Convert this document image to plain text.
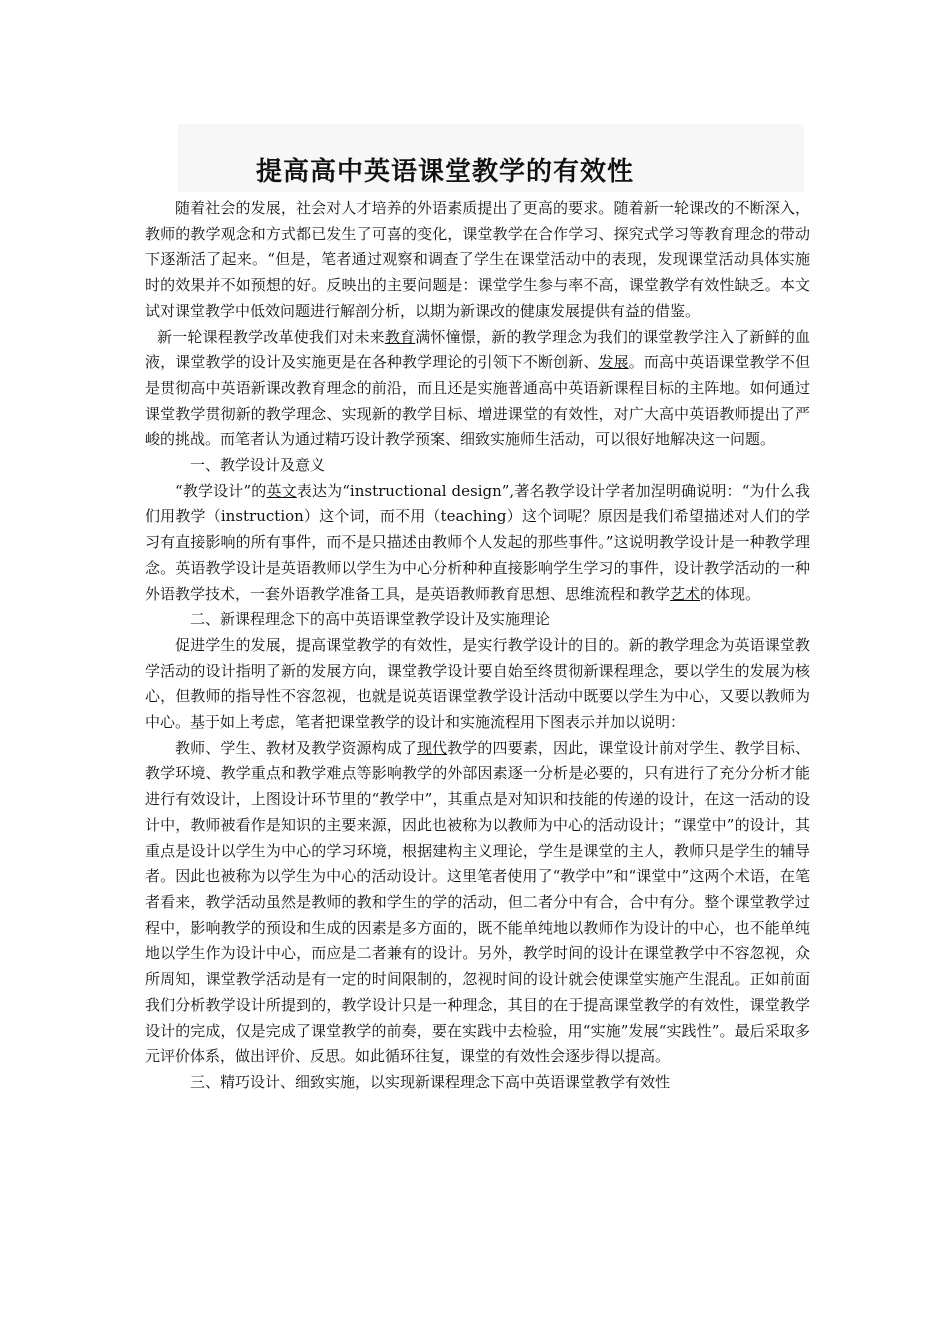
提高高中英语课堂教学的有效性

随着社会的发展，社会对人才培养的外语素质提出了更高的要求。随着新一轮课改的不断深入，教师的教学观念和方式都已发生了可喜的变化，课堂教学在合作学习、探究式学习等教育理念的带动下逐渐活了起来。“但是，笔者通过观察和调查了学生在课堂活动中的表现，发现课堂活动具体实施时的效果并不如预想的好。反映出的主要问题是：课堂学生参与率不高，课堂教学有效性缺乏。本文试对课堂教学中低效问题进行解剖分析，以期为新课改的健康发展提供有益的借鉴。

新一轮课程教学改革使我们对未来教育满怀憧憬，新的教学理念为我们的课堂教学注入了新鲜的血液，课堂教学的设计及实施更是在各种教学理论的引领下不断创新、发展。而高中英语课堂教学不但是贯彻高中英语新课改教育理念的前沿，而且还是实施普通高中英语新课程目标的主阵地。如何通过课堂教学贯彻新的教学理念、实现新的教学目标、增进课堂的有效性，对广大高中英语教师提出了严峻的挑战。而笔者认为通过精巧设计教学预案、细致实施师生活动，可以很好地解决这一问题。

一、教学设计及意义

“教学设计”的英文表达为“instructional design”,著名教学设计学者加涅明确说明：“为什么我们用教学（instruction）这个词，而不用（teaching）这个词呢？原因是我们希望描述对人们的学习有直接影响的所有事件，而不是只描述由教师个人发起的那些事件。”这说明教学设计是一种教学理念。英语教学设计是英语教师以学生为中心分析种种直接影响学生学习的事件，设计教学活动的一种外语教学技术，一套外语教学准备工具，是英语教师教育思想、思维流程和教学艺术的体现。

二、新课程理念下的高中英语课堂教学设计及实施理论

促进学生的发展，提高课堂教学的有效性，是实行教学设计的目的。新的教学理念为英语课堂教学活动的设计指明了新的发展方向，课堂教学设计要自始至终贯彻新课程理念，要以学生的发展为核心，但教师的指导性不容忽视，也就是说英语课堂教学设计活动中既要以学生为中心，又要以教师为中心。基于如上考虑，笔者把课堂教学的设计和实施流程用下图表示并加以说明：

教师、学生、教材及教学资源构成了现代教学的四要素，因此，课堂设计前对学生、教学目标、教学环境、教学重点和教学难点等影响教学的外部因素逐一分析是必要的，只有进行了充分分析才能进行有效设计，上图设计环节里的“教学中”，其重点是对知识和技能的传递的设计，在这一活动的设计中，教师被看作是知识的主要来源，因此也被称为以教师为中心的活动设计；“课堂中”的设计，其重点是设计以学生为中心的学习环境，根据建构主义理论，学生是课堂的主人，教师只是学生的辅导者。因此也被称为以学生为中心的活动设计。这里笔者使用了“教学中”和“课堂中”这两个术语，在笔者看来，教学活动虽然是教师的教和学生的学的活动，但二者分中有合，合中有分。整个课堂教学过程中，影响教学的预设和生成的因素是多方面的，既不能单纯地以教师作为设计的中心，也不能单纯地以学生作为设计中心，而应是二者兼有的设计。另外，教学时间的设计在课堂教学中不容忽视，众所周知，课堂教学活动是有一定的时间限制的，忽视时间的设计就会使课堂实施产生混乱。正如前面我们分析教学设计所提到的，教学设计只是一种理念，其目的在于提高课堂教学的有效性，课堂教学设计的完成，仅是完成了课堂教学的前奏，要在实践中去检验，用“实施”发展“实践性”。最后采取多元评价体系，做出评价、反思。如此循环往复，课堂的有效性会逐步得以提高。

三、精巧设计、细致实施，以实现新课程理念下高中英语课堂教学有效性
